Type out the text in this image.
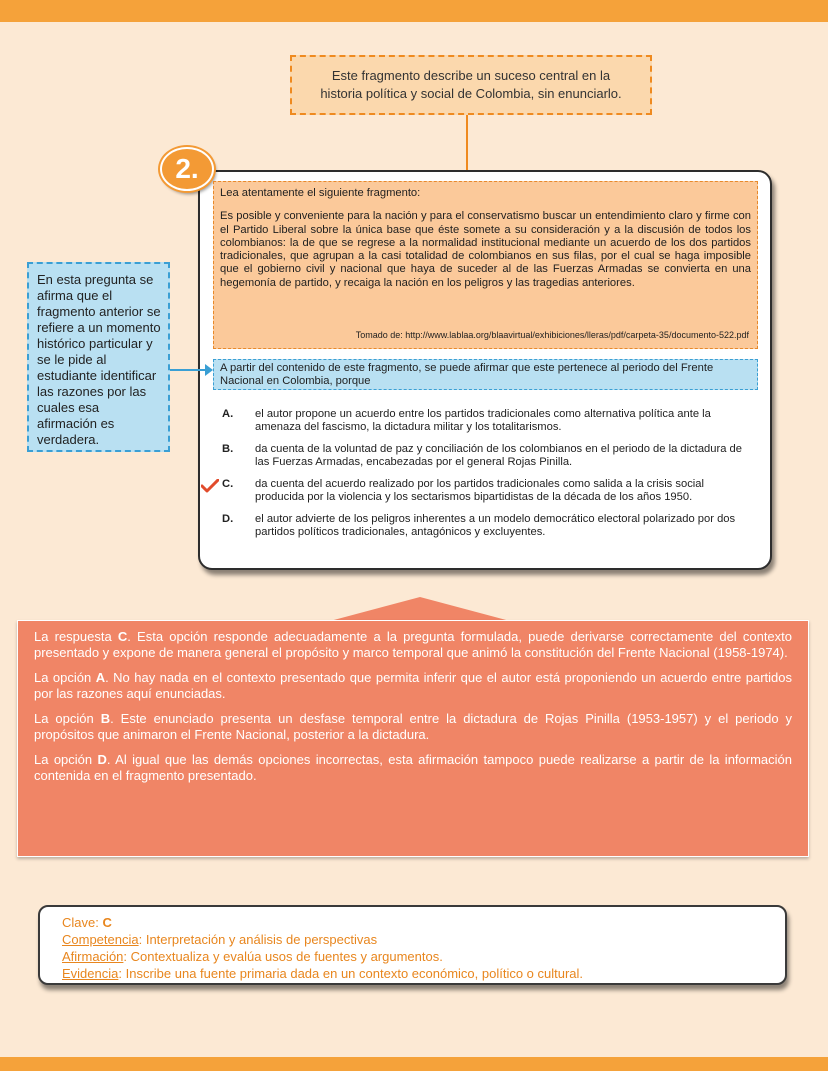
Este fragmento describe un suceso central en la
historia política y social de Colombia, sin enunciarlo.
2.

Lea atentamente el siguiente fragmento:

Es posible y conveniente para la nación y para el conservatismo buscar un entendimiento claro y firme con el Partido Liberal sobre la única base que éste somete a su consideración y a la discusión de todos los colombianos: la de que se regrese a la normalidad institucional mediante un acuerdo de los dos partidos tradicionales, que agrupan a la casi totalidad de colombianos en sus filas, por el cual se haga imposible que el gobierno civil y nacional que haya de suceder al de las Fuerzas Armadas se convierta en una hegemonía de partido, y recaiga la nación en los peligros y las tragedias anteriores.

Tomado de: http://www.lablaa.org/blaavirtual/exhibiciones/lleras/pdf/carpeta-35/documento-522.pdf
A partir del contenido de este fragmento, se puede afirmar que este pertenece al periodo del Frente Nacional en Colombia, porque
A.	el autor propone un acuerdo entre los partidos tradicionales como alternativa política ante la amenaza del fascismo, la dictadura militar y los totalitarismos.
B.	da cuenta de la voluntad de paz y conciliación de los colombianos en el periodo de la dictadura de las Fuerzas Armadas, encabezadas por el general Rojas Pinilla.
C.	da cuenta del acuerdo realizado por los partidos tradicionales como salida a la crisis social producida por la violencia y los sectarismos bipartidistas de la década de los años 1950.
D.	el autor advierte de los peligros inherentes a un modelo democrático electoral polarizado por dos partidos políticos tradicionales, antagónicos y excluyentes.
En esta pregunta se
afirma que el
fragmento anterior se
refiere a un momento
histórico particular y
se le pide al
estudiante identificar
las razones por las
cuales esa
afirmación es
verdadera.

La respuesta C. Esta opción responde adecuadamente a la pregunta formulada, puede derivarse correctamente del contexto presentado y expone de manera general el propósito y marco temporal que animó la constitución del Frente Nacional (1958-1974).

La opción A. No hay nada en el contexto presentado que permita inferir que el autor está proponiendo un acuerdo entre partidos por las razones aquí enunciadas.

La opción B. Este enunciado presenta un desfase temporal entre la dictadura de Rojas Pinilla (1953-1957) y el periodo y propósitos que animaron el Frente Nacional, posterior a la dictadura.

La opción D. Al igual que las demás opciones incorrectas, esta afirmación tampoco puede realizarse a partir de la información contenida en el fragmento presentado.

Clave: C
Competencia: Interpretación y análisis de perspectivas
Afirmación: Contextualiza y evalúa usos de fuentes y argumentos.
Evidencia: Inscribe una fuente primaria dada en un contexto económico, político o cultural.
